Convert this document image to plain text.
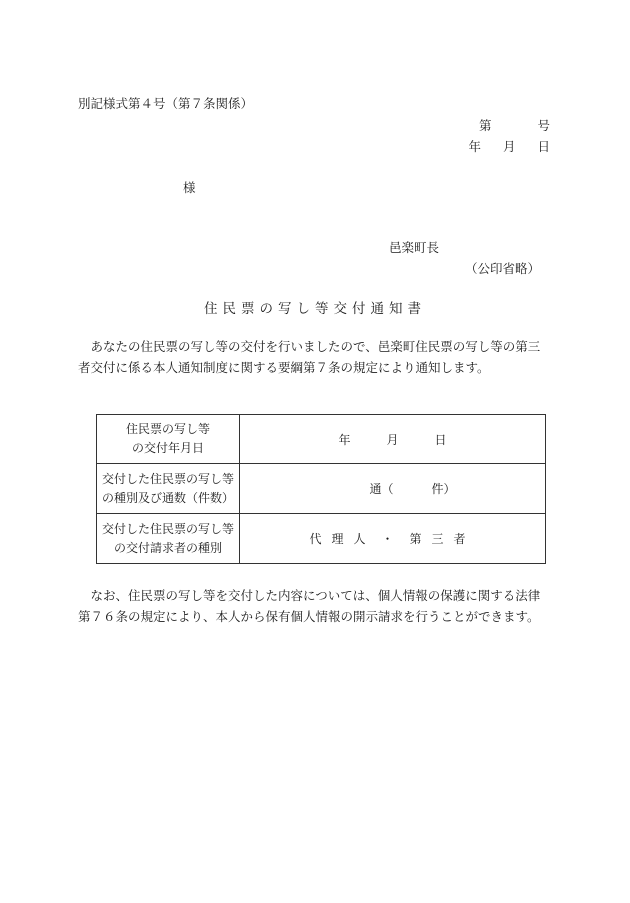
別記様式第４号（第７条関係）
第	号
年 月 日
様
邑楽町長
（公印省略）
住民票の写し等交付通知書
あなたの住民票の写し等の交付を行いましたので、邑楽町住民票の写し等の第三者交付に係る本人通知制度に関する要綱第７条の規定により通知します。
住民票の写し等
の交付年月日	年 月 日

交付した住民票の写し等
の種別及び通数（件数）	通（ 件）

交付した住民票の写し等
の交付請求者の種別	代理人 ・ 第三者
なお、住民票の写し等を交付した内容については、個人情報の保護に関する法律第７６条の規定により、本人から保有個人情報の開示請求を行うことができます。
